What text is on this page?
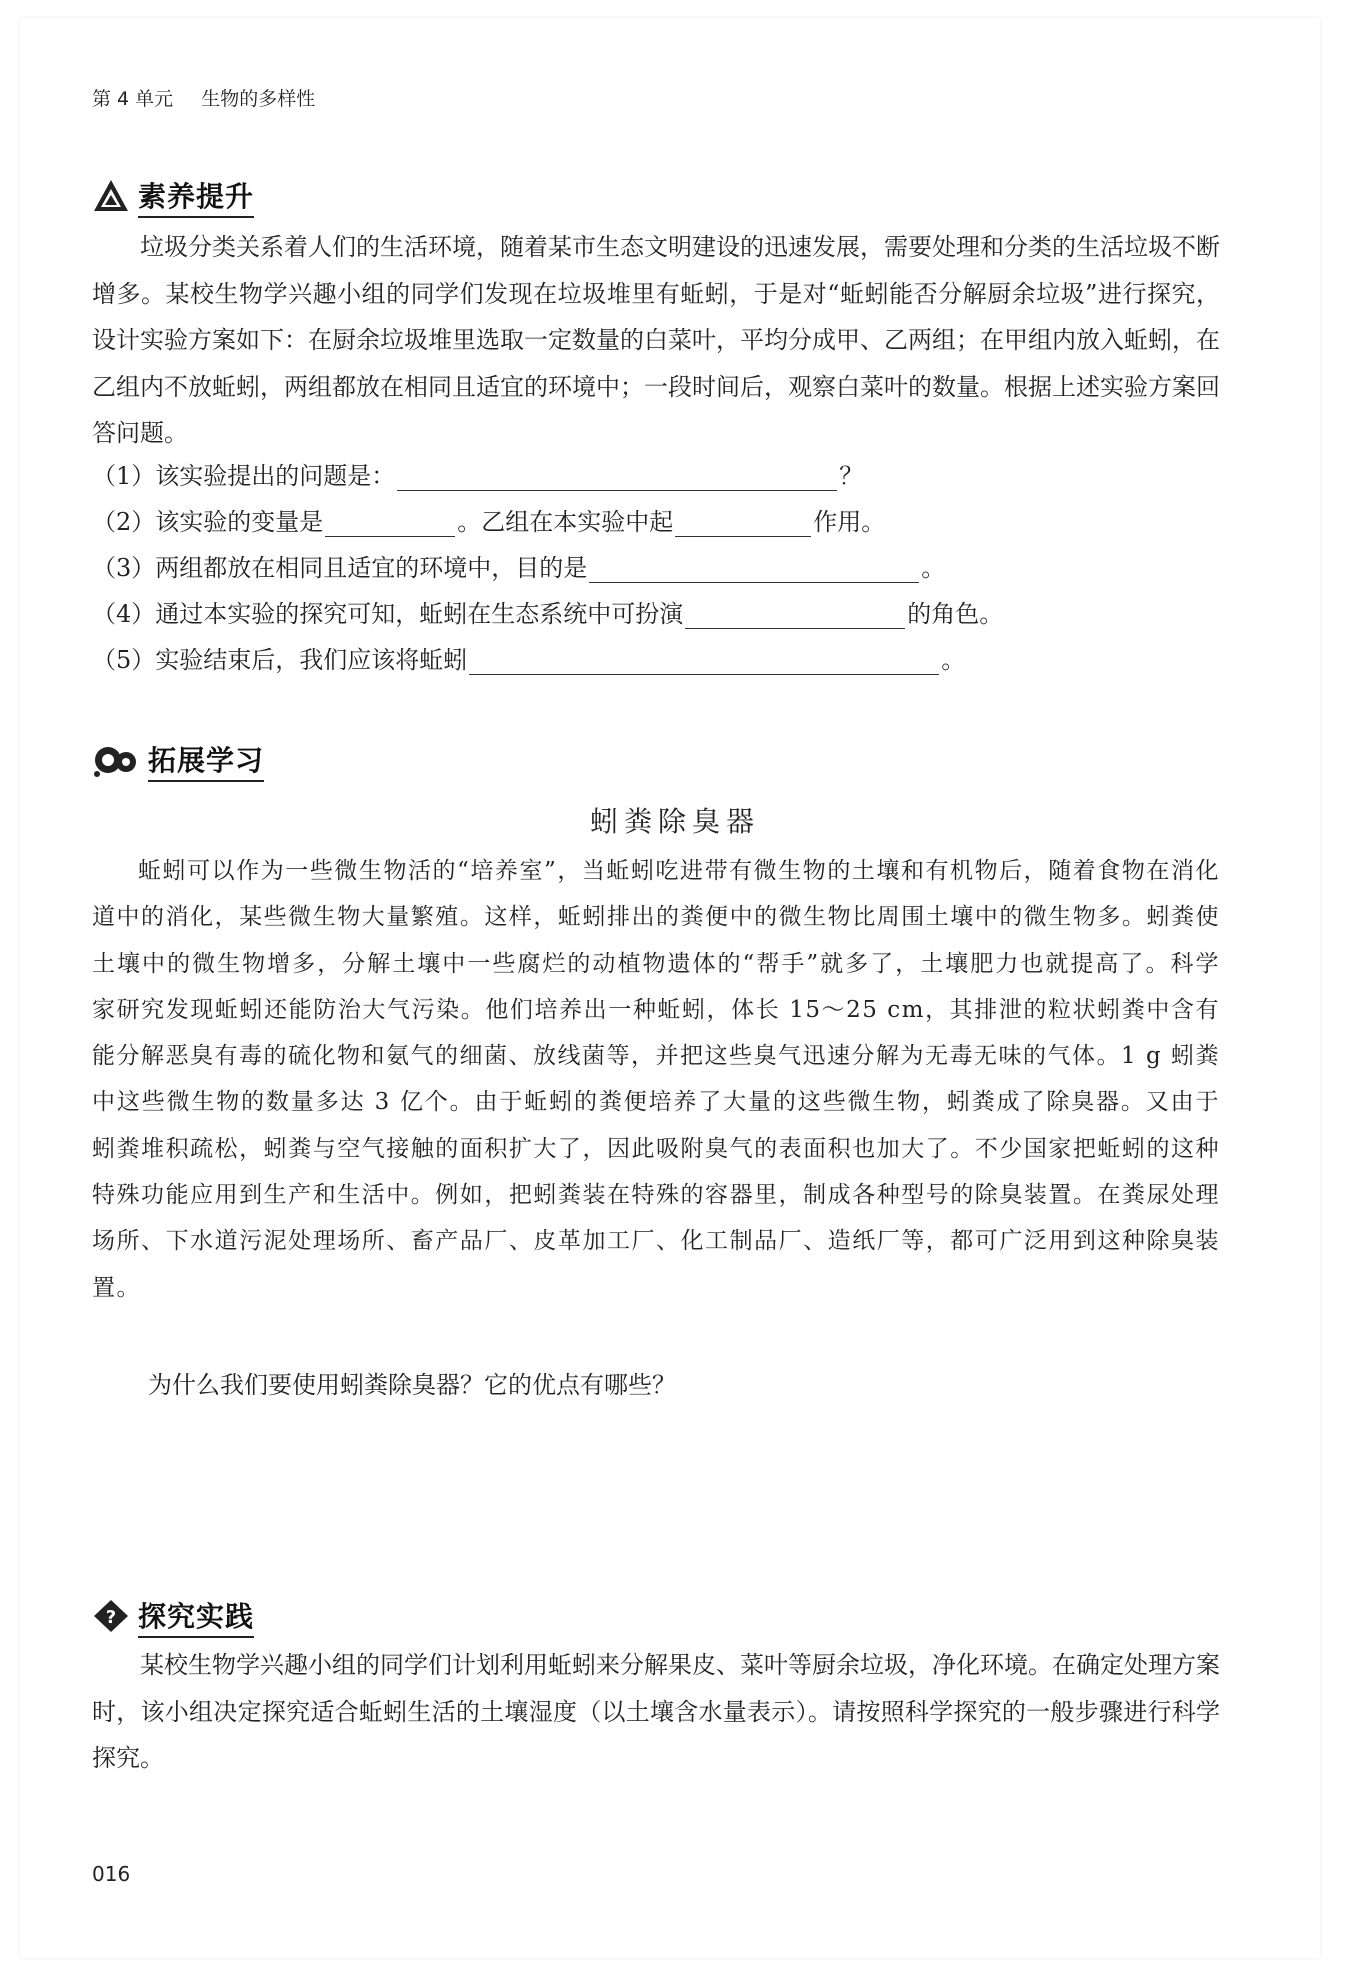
第 4 单元 生物的多样性
素养提升
垃圾分类关系着人们的生活环境，随着某市生态文明建设的迅速发展，需要处理和分类的生活垃圾不断增多。某校生物学兴趣小组的同学们发现在垃圾堆里有蚯蚓，于是对“蚯蚓能否分解厨余垃圾”进行探究，设计实验方案如下：在厨余垃圾堆里选取一定数量的白菜叶，平均分成甲、乙两组；在甲组内放入蚯蚓，在乙组内不放蚯蚓，两组都放在相同且适宜的环境中；一段时间后，观察白菜叶的数量。根据上述实验方案回答问题。
（1）该实验提出的问题是：	？
（2）该实验的变量是	。乙组在本实验中起	作用。
（3）两组都放在相同且适宜的环境中，目的是	。
（4）通过本实验的探究可知，蚯蚓在生态系统中可扮演	的角色。
（5）实验结束后，我们应该将蚯蚓	。
拓展学习
蚓粪除臭器
蚯蚓可以作为一些微生物活的“培养室”，当蚯蚓吃进带有微生物的土壤和有机物后，随着食物在消化道中的消化，某些微生物大量繁殖。这样，蚯蚓排出的粪便中的微生物比周围土壤中的微生物多。蚓粪使土壤中的微生物增多，分解土壤中一些腐烂的动植物遗体的“帮手”就多了，土壤肥力也就提高了。科学家研究发现蚯蚓还能防治大气污染。他们培养出一种蚯蚓，体长 15～25 cm，其排泄的粒状蚓粪中含有能分解恶臭有毒的硫化物和氨气的细菌、放线菌等，并把这些臭气迅速分解为无毒无味的气体。1 g 蚓粪中这些微生物的数量多达 3 亿个。由于蚯蚓的粪便培养了大量的这些微生物，蚓粪成了除臭器。又由于蚓粪堆积疏松，蚓粪与空气接触的面积扩大了，因此吸附臭气的表面积也加大了。不少国家把蚯蚓的这种特殊功能应用到生产和生活中。例如，把蚓粪装在特殊的容器里，制成各种型号的除臭装置。在粪尿处理场所、下水道污泥处理场所、畜产品厂、皮革加工厂、化工制品厂、造纸厂等，都可广泛用到这种除臭装置。
为什么我们要使用蚓粪除臭器？它的优点有哪些？
? 探究实践
某校生物学兴趣小组的同学们计划利用蚯蚓来分解果皮、菜叶等厨余垃圾，净化环境。在确定处理方案时，该小组决定探究适合蚯蚓生活的土壤湿度（以土壤含水量表示）。请按照科学探究的一般步骤进行科学探究。
016
